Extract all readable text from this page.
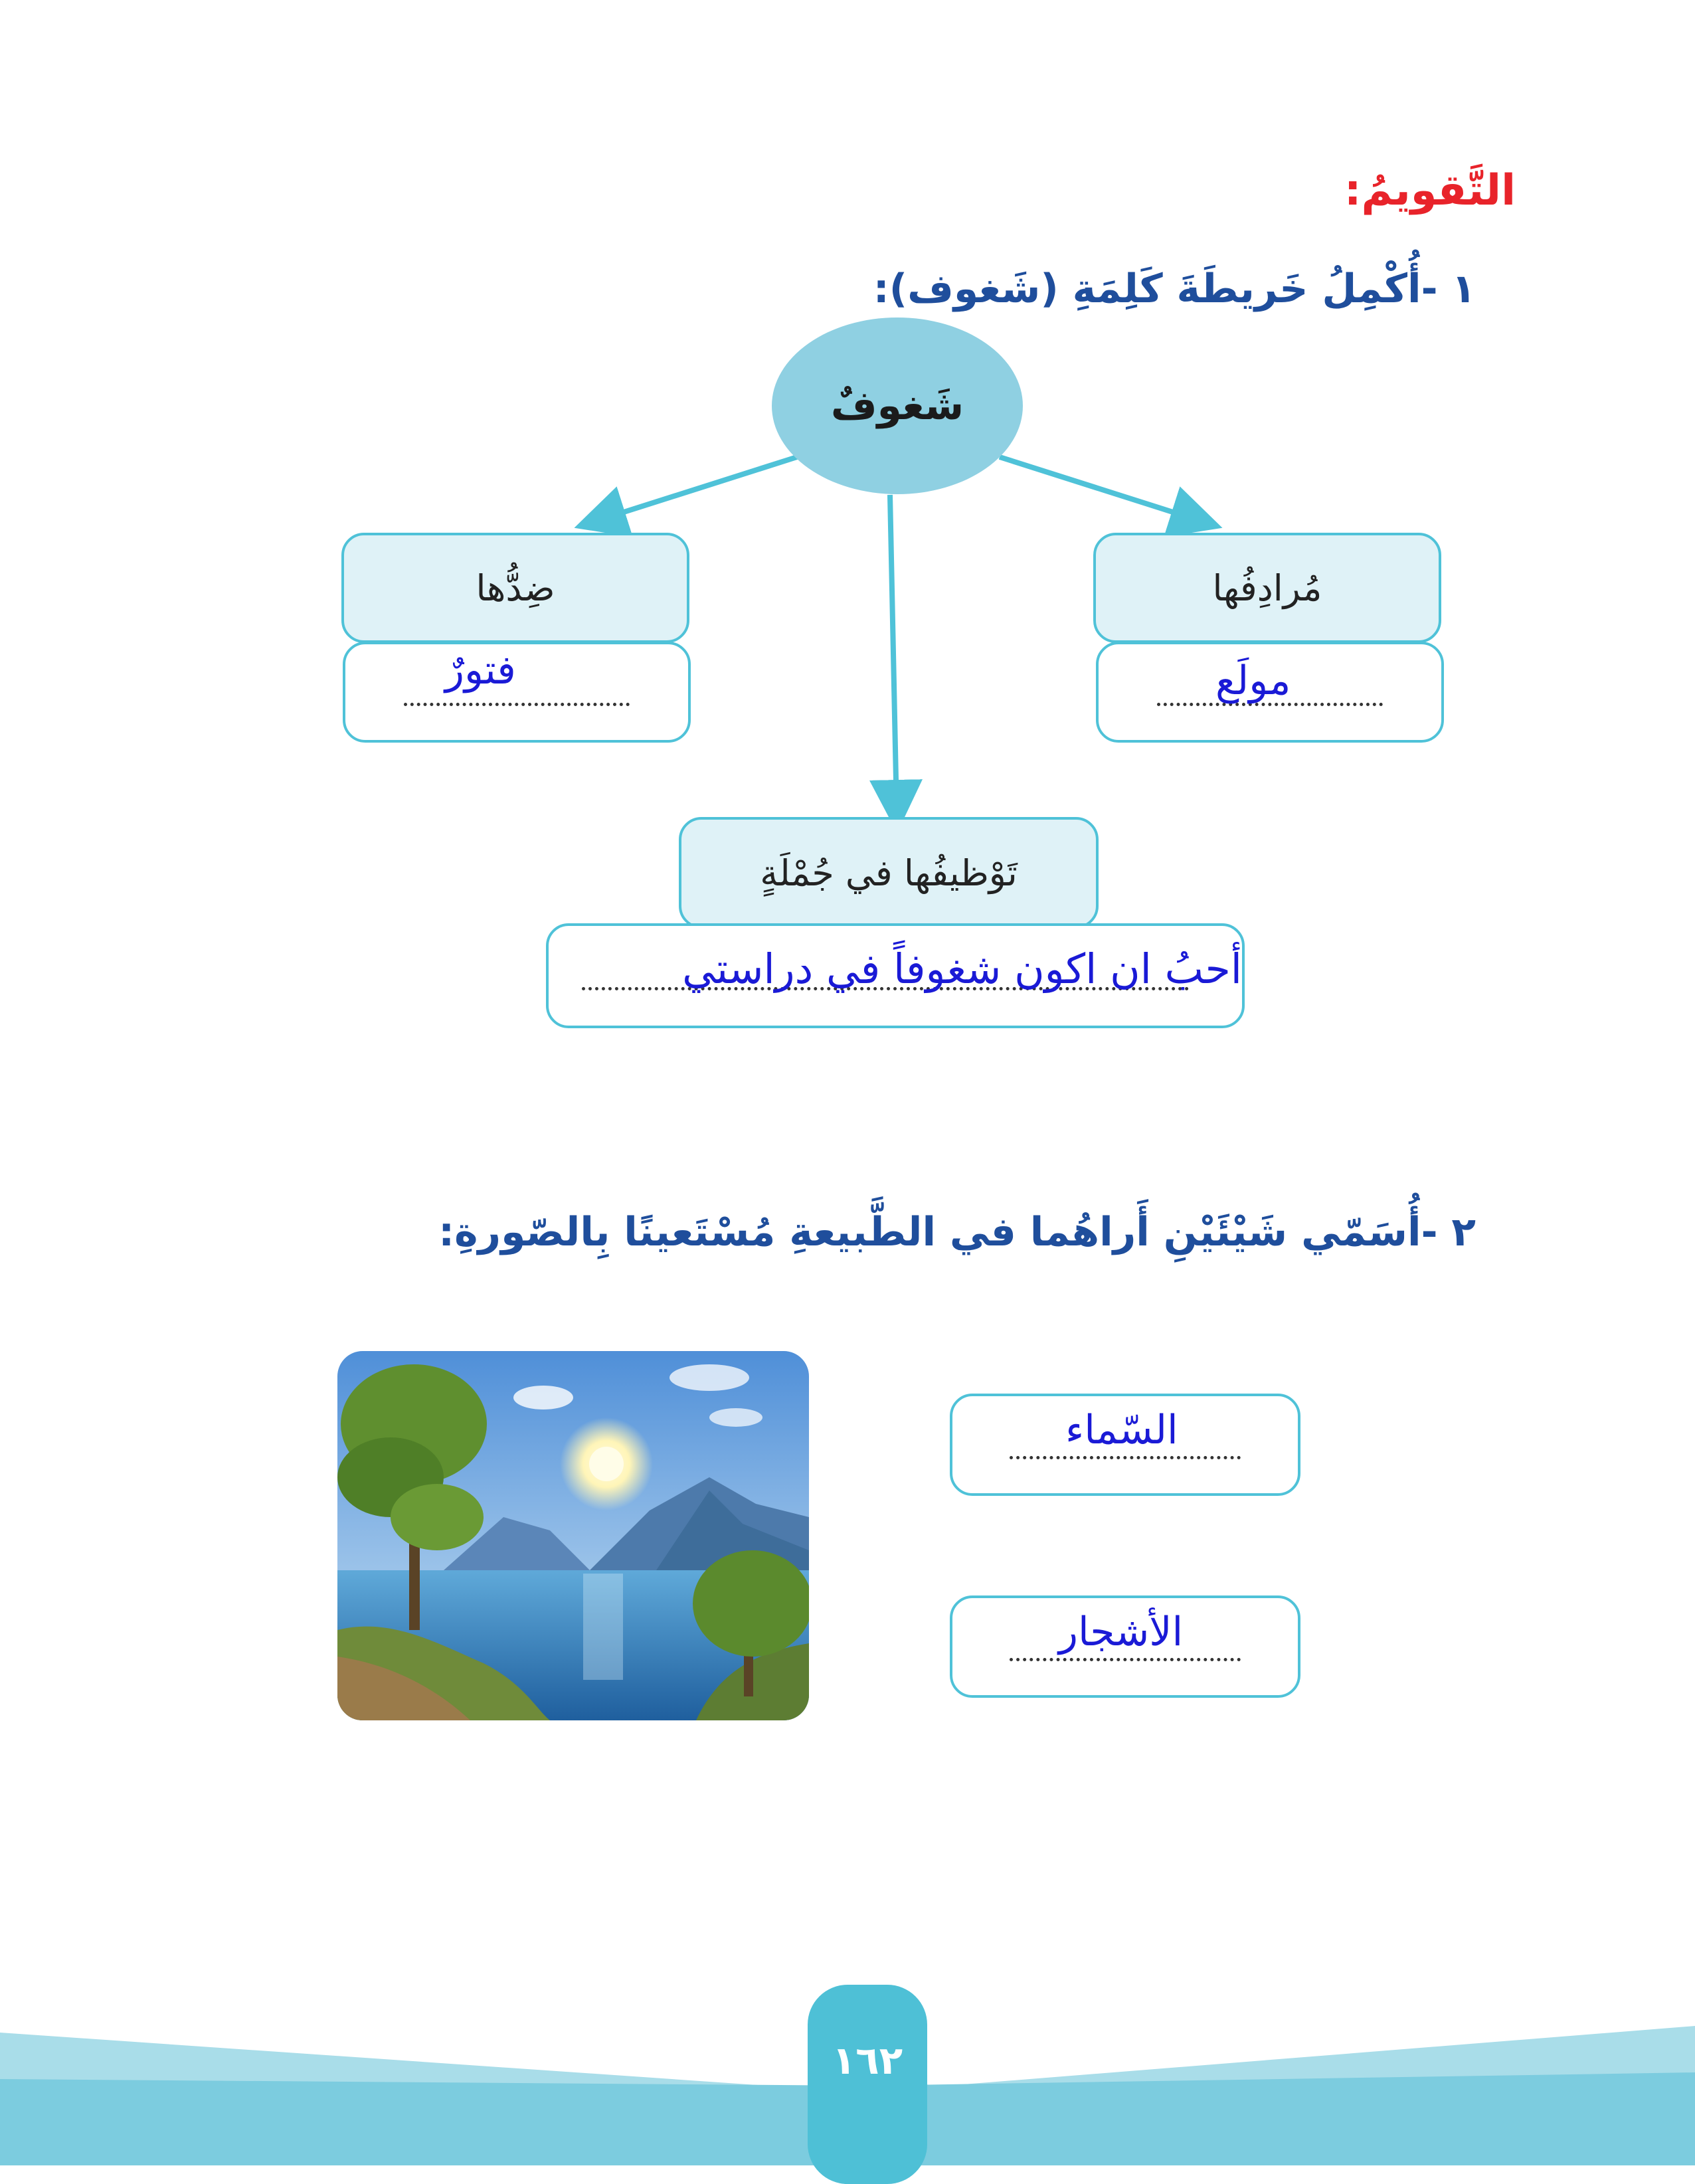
التَّقويمُ:
١ -أُكْمِلُ خَريطَةَ كَلِمَةِ (شَغوف):
شَغوفٌ
مُرادِفُها
مولَع
ضِدُّها
فتورٌ
تَوْظيفُها في جُمْلَةٍ
أحبُ ان اكون شغوفاً في دراستي
٢ -أُسَمّي شَيْئَيْنِ أَراهُما في الطَّبيعةِ مُسْتَعينًا بِالصّورةِ:
السّماء
الأشجار
١٦٢
